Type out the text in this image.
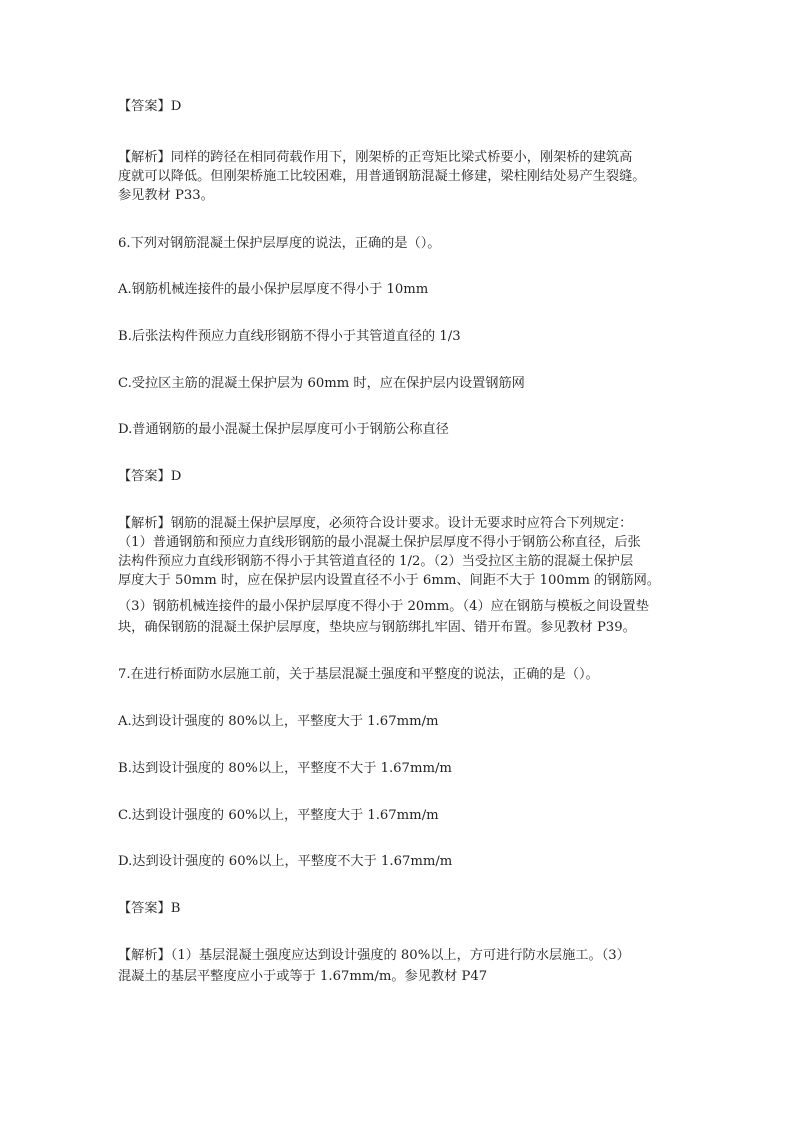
【答案】D
【解析】同样的跨径在相同荷载作用下，刚架桥的正弯矩比梁式桥要小，刚架桥的建筑高
度就可以降低。但刚架桥施工比较困难，用普通钢筋混凝土修建，梁柱刚结处易产生裂缝。
参见教材 P33。
6.下列对钢筋混凝土保护层厚度的说法，正确的是（）。
A.钢筋机械连接件的最小保护层厚度不得小于 10mm
B.后张法构件预应力直线形钢筋不得小于其管道直径的 1/3
C.受拉区主筋的混凝土保护层为 60mm 时，应在保护层内设置钢筋网
D.普通钢筋的最小混凝土保护层厚度可小于钢筋公称直径
【答案】D
【解析】钢筋的混凝土保护层厚度，必须符合设计要求。设计无要求时应符合下列规定：
（1）普通钢筋和预应力直线形钢筋的最小混凝土保护层厚度不得小于钢筋公称直径，后张
法构件预应力直线形钢筋不得小于其管道直径的 1/2。（2）当受拉区主筋的混凝土保护层
厚度大于 50mm 时，应在保护层内设置直径不小于 6mm、间距不大于 100mm 的钢筋网。
（3）钢筋机械连接件的最小保护层厚度不得小于 20mm。（4）应在钢筋与模板之间设置垫
块，确保钢筋的混凝土保护层厚度，垫块应与钢筋绑扎牢固、错开布置。参见教材 P39。
7.在进行桥面防水层施工前，关于基层混凝土强度和平整度的说法，正确的是（）。
A.达到设计强度的 80%以上，平整度大于 1.67mm/m
B.达到设计强度的 80%以上，平整度不大于 1.67mm/m
C.达到设计强度的 60%以上，平整度大于 1.67mm/m
D.达到设计强度的 60%以上，平整度不大于 1.67mm/m
【答案】B
【解析】（1）基层混凝土强度应达到设计强度的 80%以上，方可进行防水层施工。（3）
混凝土的基层平整度应小于或等于 1.67mm/m。参见教材 P47
